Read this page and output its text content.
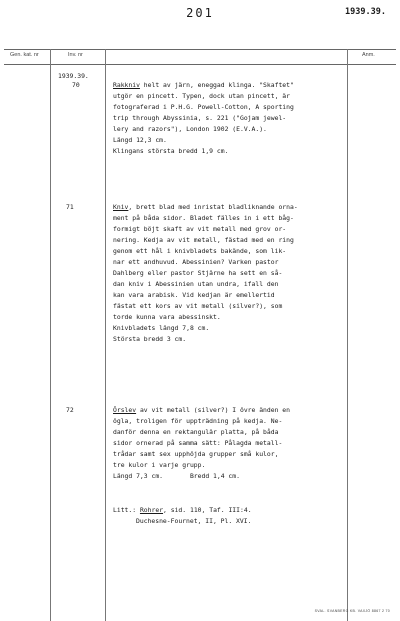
201	1939.39.
Gen. kat. nr	Inv. nr	Anm.
1939.39.
70	Rakkniv helt av järn, eneggad klinga. "Skaftet"
utgör en pincett. Typen, dock utan pincett, är
fotograferad i P.H.G. Powell-Cotton, A sporting
trip through Abyssinia, s. 221 ("Gojam jewel-
lery and razors"), London 1902 (E.V.A.).
Längd 12,3 cm.
Klingans största bredd 1,9 cm.
71	Kniv, brett blad med inristat bladliknande orna-
ment på båda sidor. Bladet fälles in i ett båg-
formigt böjt skaft av vit metall med grov or-
nering. Kedja av vit metall, fästad med en ring
genom ett hål i knivbladets bakände, som lik-
nar ett andhuvud. Abessinien? Varken pastor
Dahlberg eller pastor Stjärne ha sett en så-
dan kniv i Abessinien utan undra, ifall den
kan vara arabisk. Vid kedjan är emellertid
fästat ett kors av vit metall (silver?), som
torde kunna vara abessinskt.
Knivbladets längd 7,8 cm.
Största bredd 3 cm.
72	Örslev av vit metall (silver?) I övre änden en
ögla, troligen för uppträdning på kedja. Ne-
danför denna en rektangulär platta, på båda
sidor ornerad på samma sätt: Pålagda metall-
trådar samt sex upphöjda grupper små kulor,
tre kulor i varje grupp.
Längd 7,3 cm.       Bredd 1,4 cm.
Litt.: Rohrer, sid. 110, Taf. III:4.
Duchesne-Fournet, II, Pl. XVI.
SVAL. SVANBERG KB. VAXJÖ 8867 2 70
